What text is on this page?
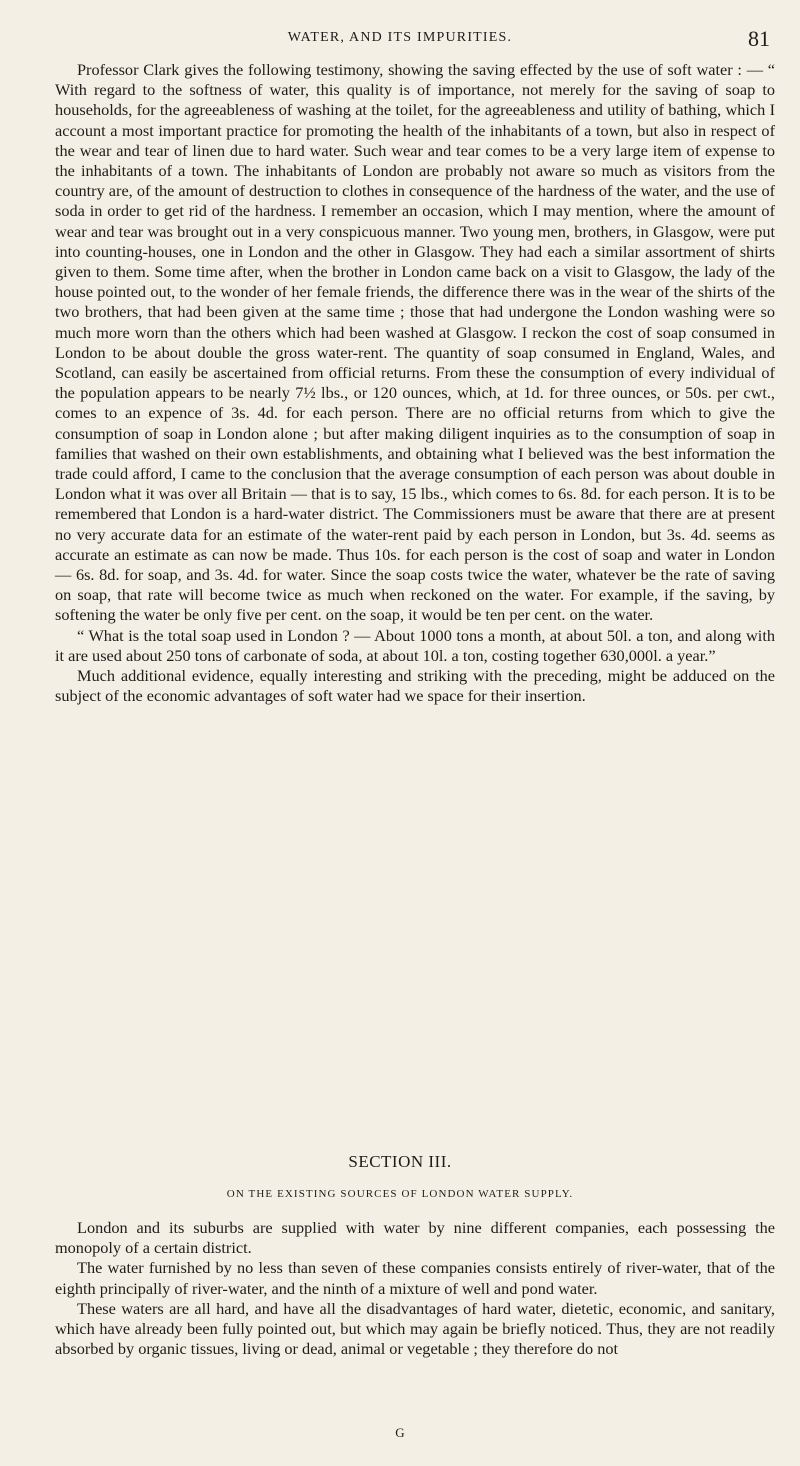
WATER, AND ITS IMPURITIES.	81

Professor Clark gives the following testimony, showing the saving effected by the use of soft water : — “ With regard to the softness of water, this quality is of importance, not merely for the saving of soap to households, for the agreeableness of washing at the toilet, for the agreeableness and utility of bathing, which I account a most important practice for promoting the health of the inhabitants of a town, but also in respect of the wear and tear of linen due to hard water. Such wear and tear comes to be a very large item of expense to the inhabitants of a town. The inhabitants of London are probably not aware so much as visitors from the country are, of the amount of destruction to clothes in consequence of the hardness of the water, and the use of soda in order to get rid of the hardness. I remember an occasion, which I may mention, where the amount of wear and tear was brought out in a very conspicuous manner. Two young men, brothers, in Glasgow, were put into counting-houses, one in London and the other in Glasgow. They had each a similar assortment of shirts given to them. Some time after, when the brother in London came back on a visit to Glasgow, the lady of the house pointed out, to the wonder of her female friends, the difference there was in the wear of the shirts of the two brothers, that had been given at the same time ; those that had undergone the London washing were so much more worn than the others which had been washed at Glasgow. I reckon the cost of soap consumed in London to be about double the gross water-rent. The quantity of soap consumed in England, Wales, and Scotland, can easily be ascertained from official returns. From these the consumption of every individual of the population appears to be nearly 7½ lbs., or 120 ounces, which, at 1d. for three ounces, or 50s. per cwt., comes to an expence of 3s. 4d. for each person. There are no official returns from which to give the consumption of soap in London alone ; but after making diligent inquiries as to the consumption of soap in families that washed on their own establishments, and obtaining what I believed was the best information the trade could afford, I came to the conclusion that the average consumption of each person was about double in London what it was over all Britain — that is to say, 15 lbs., which comes to 6s. 8d. for each person. It is to be remembered that London is a hard-water district. The Commissioners must be aware that there are at present no very accurate data for an estimate of the water-rent paid by each person in London, but 3s. 4d. seems as accurate an estimate as can now be made. Thus 10s. for each person is the cost of soap and water in London — 6s. 8d. for soap, and 3s. 4d. for water. Since the soap costs twice the water, whatever be the rate of saving on soap, that rate will become twice as much when reckoned on the water. For example, if the saving, by softening the water be only five per cent. on the soap, it would be ten per cent. on the water.

“ What is the total soap used in London ? — About 1000 tons a month, at about 50l. a ton, and along with it are used about 250 tons of carbonate of soda, at about 10l. a ton, costing together 630,000l. a year.”

Much additional evidence, equally interesting and striking with the preceding, might be adduced on the subject of the economic advantages of soft water had we space for their insertion.

SECTION III.
ON THE EXISTING SOURCES OF LONDON WATER SUPPLY.

London and its suburbs are supplied with water by nine different companies, each possessing the monopoly of a certain district.

The water furnished by no less than seven of these companies consists entirely of river-water, that of the eighth principally of river-water, and the ninth of a mixture of well and pond water.

These waters are all hard, and have all the disadvantages of hard water, dietetic, economic, and sanitary, which have already been fully pointed out, but which may again be briefly noticed. Thus, they are not readily absorbed by organic tissues, living or dead, animal or vegetable ; they therefore do not

G
